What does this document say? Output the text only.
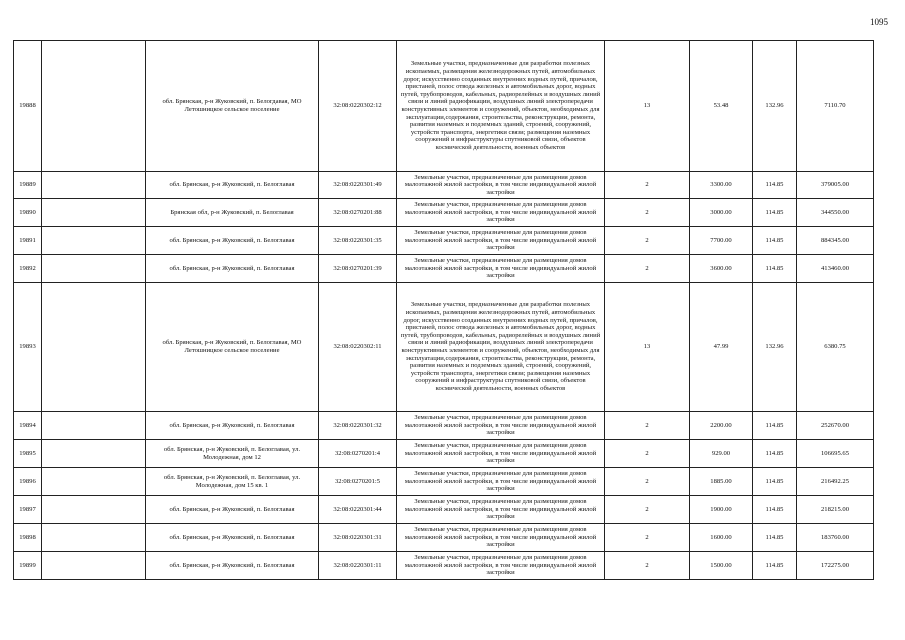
1095
19888		обл. Брянская, р-н Жуковский, п. Белогдавая, МО Летошницкое сельское поселение	32:08:0220302:12	Земельные участки, предназначенные для разработки полезных ископаемых, размещения железнодорожных путей, автомобильных дорог, искусственно созданных внутренних водных путей, причалов, пристаней, полос отвода железных и автомобильных дорог, водных путей, трубопроводов, кабельных, радиорелейных и воздушных линий связи и линий радиофикации, воздушных линий электропередачи конструктивных элементов и сооружений, объектов, необходимых для эксплуатации,содержания, строительства, реконструкции, ремонта, развития наземных и подземных зданий, строений, сооружений, устройств транспорта, энергетики связи; размещения наземных сооружений и инфраструктуры спутниковой связи, объектов космической деятельности, военных объектов	13	53.48	132.96	7110.70
19889		обл. Брянская, р-н Жуковский, п. Белоглавая	32:08:0220301:49	Земельные участки, предназначенные для размещения домов малоэтажной жилой застройки, в том числе индивидуальной жилой застройки	2	3300.00	114.85	379005.00
19890		Брянская обл, р-н Жуковский, п. Белоглавая	32:08:0270201:88	Земельные участки, предназначенные для размещения домов малоэтажной жилой застройки, в том числе индивидуальной жилой застройки	2	3000.00	114.85	344550.00
19891		обл. Брянская, р-н Жуковский, п. Белоглавая	32:08:0220301:35	Земельные участки, предназначенные для размещения домов малоэтажной жилой застройки, в том числе индивидуальной жилой застройки	2	7700.00	114.85	884345.00
19892		обл. Брянская, р-н Жуковский, п. Белоглавая	32:08:0270201:39	Земельные участки, предназначенные для размещения домов малоэтажной жилой застройки, в том числе индивидуальной жилой застройки	2	3600.00	114.85	413460.00
19893		обл. Брянская, р-н Жуковский, п. Белоглавая, МО Летошницкое сельское поселение	32:08:0220302:11	Земельные участки, предназначенные для разработки полезных ископаемых, размещения железнодорожных путей, автомобильных дорог, искусственно созданных внутренних водных путей, причалов, пристаней, полос отвода железных и автомобильных дорог, водных путей, трубопроводов, кабельных, радиорелейных и воздушных линий связи и линий радиофикации, воздушных линий электропередачи конструктивных элементов и сооружений, объектов, необходимых для эксплуатации,содержания, строительства, реконструкции, ремонта, развития наземных и подземных зданий, строений, сооружений, устройств транспорта, энергетики связи; размещения наземных сооружений и инфраструктуры спутниковой связи, объектов космической деятельности, военных объектов	13	47.99	132.96	6380.75
19894		обл. Брянская, р-н Жуковский, п. Белоглавая	32:08:0220301:32	Земельные участки, предназначенные для размещения домов малоэтажной жилой застройки, в том числе индивидуальной жилой застройки	2	2200.00	114.85	252670.00
19895		обл. Брянская, р-н Жуковский, п. Белоглавая, ул. Молодежная, дом 12	32:08:0270201:4	Земельные участки, предназначенные для размещения домов малоэтажной жилой застройки, в том числе индивидуальной жилой застройки	2	929.00	114.85	106695.65
19896		обл. Брянская, р-н Жуковский, п. Белоглавая, ул. Молодежная, дом 15 кв. 1	32:08:0270201:5	Земельные участки, предназначенные для размещения домов малоэтажной жилой застройки, в том числе индивидуальной жилой застройки	2	1885.00	114.85	216492.25
19897		обл. Брянская, р-н Жуковский, п. Белоглавая	32:08:0220301:44	Земельные участки, предназначенные для размещения домов малоэтажной жилой застройки, в том числе индивидуальной жилой застройки	2	1900.00	114.85	218215.00
19898		обл. Брянская, р-н Жуковский, п. Белоглавая	32:08:0220301:31	Земельные участки, предназначенные для размещения домов малоэтажной жилой застройки, в том числе индивидуальной жилой застройки	2	1600.00	114.85	183760.00
19899		обл. Брянская, р-н Жуковский, п. Белоглавая	32:08:0220301:11	Земельные участки, предназначенные для размещения домов малоэтажной жилой застройки, в том числе индивидуальной жилой застройки	2	1500.00	114.85	172275.00
